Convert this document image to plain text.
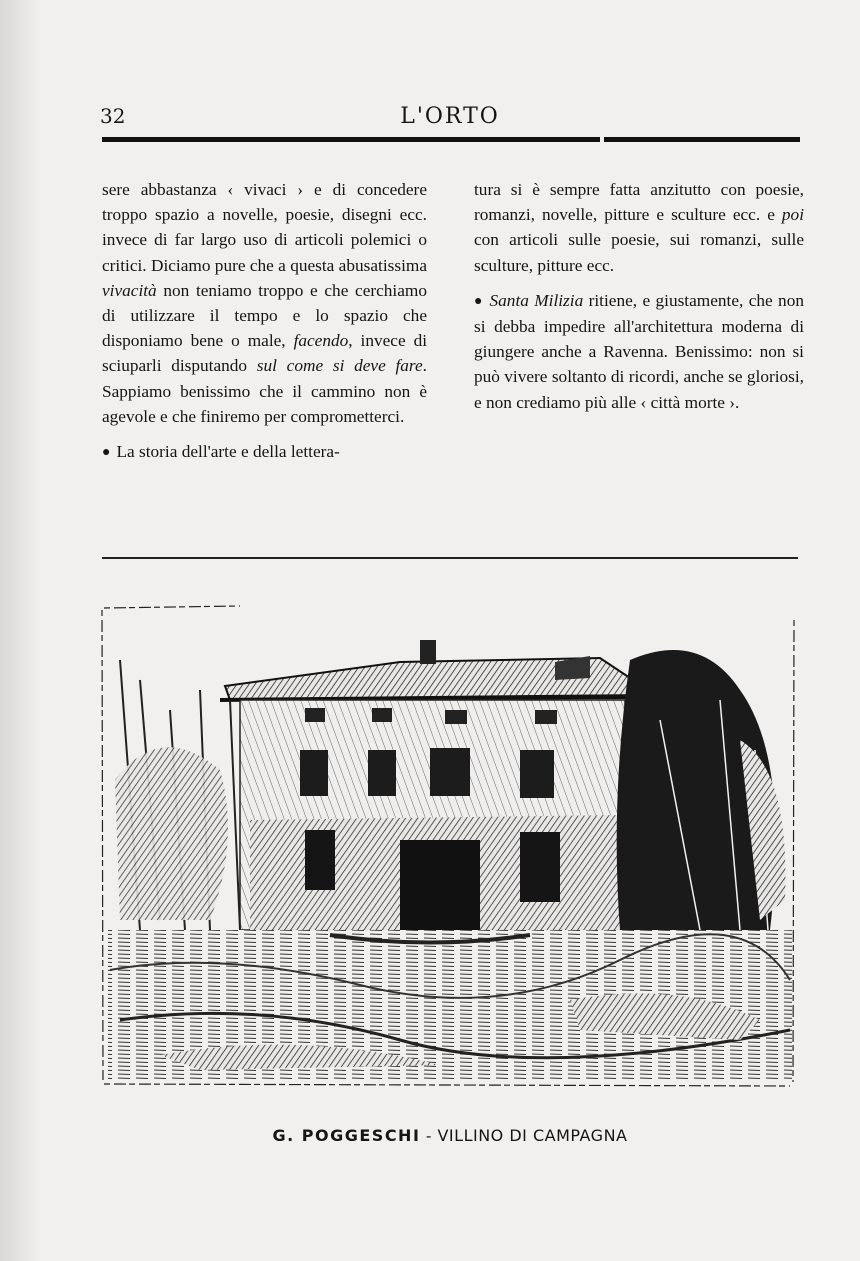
32	L'ORTO

sere abbastanza ‹ vivaci › e di concedere troppo spazio a novelle, poesie, disegni ecc. invece di far largo uso di articoli polemici o critici. Diciamo pure che a questa abusatissima vivacità non teniamo troppo e che cerchiamo di utilizzare il tempo e lo spazio che disponiamo bene o male, facendo, invece di sciuparli disputando sul come si deve fare. Sappiamo benissimo che il cammino non è agevole e che finiremo per comprometterci.

● La storia dell'arte e della lettera-

tura si è sempre fatta anzitutto con poesie, romanzi, novelle, pitture e sculture ecc. e poi con articoli sulle poesie, sui romanzi, sulle sculture, pitture ecc.

● Santa Milizia ritiene, e giustamente, che non si debba impedire all'architettura moderna di giungere anche a Ravenna. Benissimo: non si può vivere soltanto di ricordi, anche se gloriosi, e non crediamo più alle ‹ città morte ›.

G. POGGESCHI - VILLINO DI CAMPAGNA
